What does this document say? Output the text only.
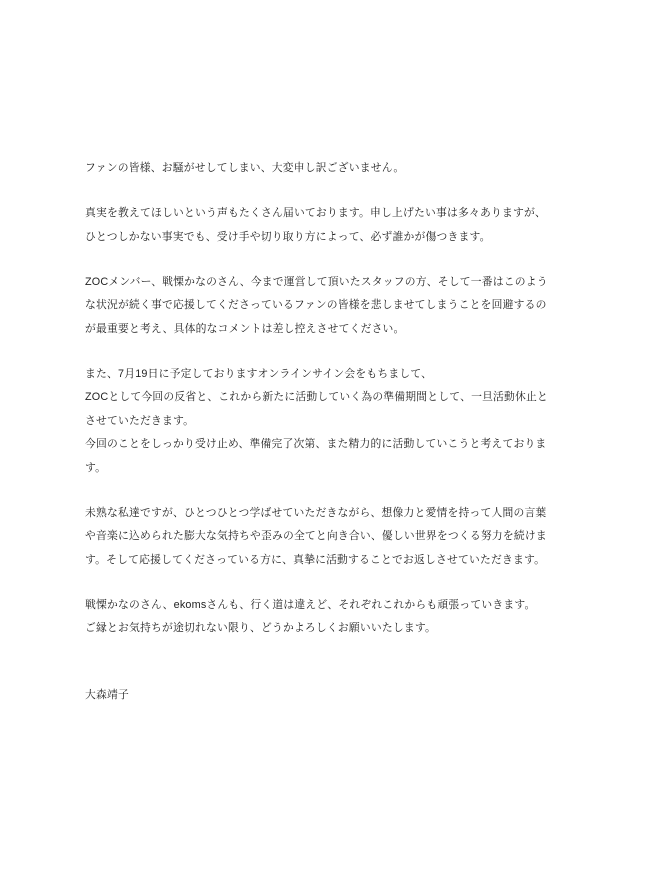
ファンの皆様、お騒がせしてしまい、大変申し訳ございません。
真実を教えてほしいという声もたくさん届いております。申し上げたい事は多々ありますが、
ひとつしかない事実でも、受け手や切り取り方によって、必ず誰かが傷つきます。
ZOCメンバー、戦慄かなのさん、今まで運営して頂いたスタッフの方、そして一番はこのよう
な状況が続く事で応援してくださっているファンの皆様を悲しませてしまうことを回避するの
が最重要と考え、具体的なコメントは差し控えさせてください。
また、7月19日に予定しておりますオンラインサイン会をもちまして、
ZOCとして今回の反省と、これから新たに活動していく為の準備期間として、一旦活動休止と
させていただきます。
今回のことをしっかり受け止め、準備完了次第、また精力的に活動していこうと考えておりま
す。
未熟な私達ですが、ひとつひとつ学ばせていただきながら、想像力と愛情を持って人間の言葉
や音楽に込められた膨大な気持ちや歪みの全てと向き合い、優しい世界をつくる努力を続けま
す。そして応援してくださっている方に、真摯に活動することでお返しさせていただきます。
戦慄かなのさん、ekomsさんも、行く道は違えど、それぞれこれからも頑張っていきます。
ご縁とお気持ちが途切れない限り、どうかよろしくお願いいたします。
大森靖子
